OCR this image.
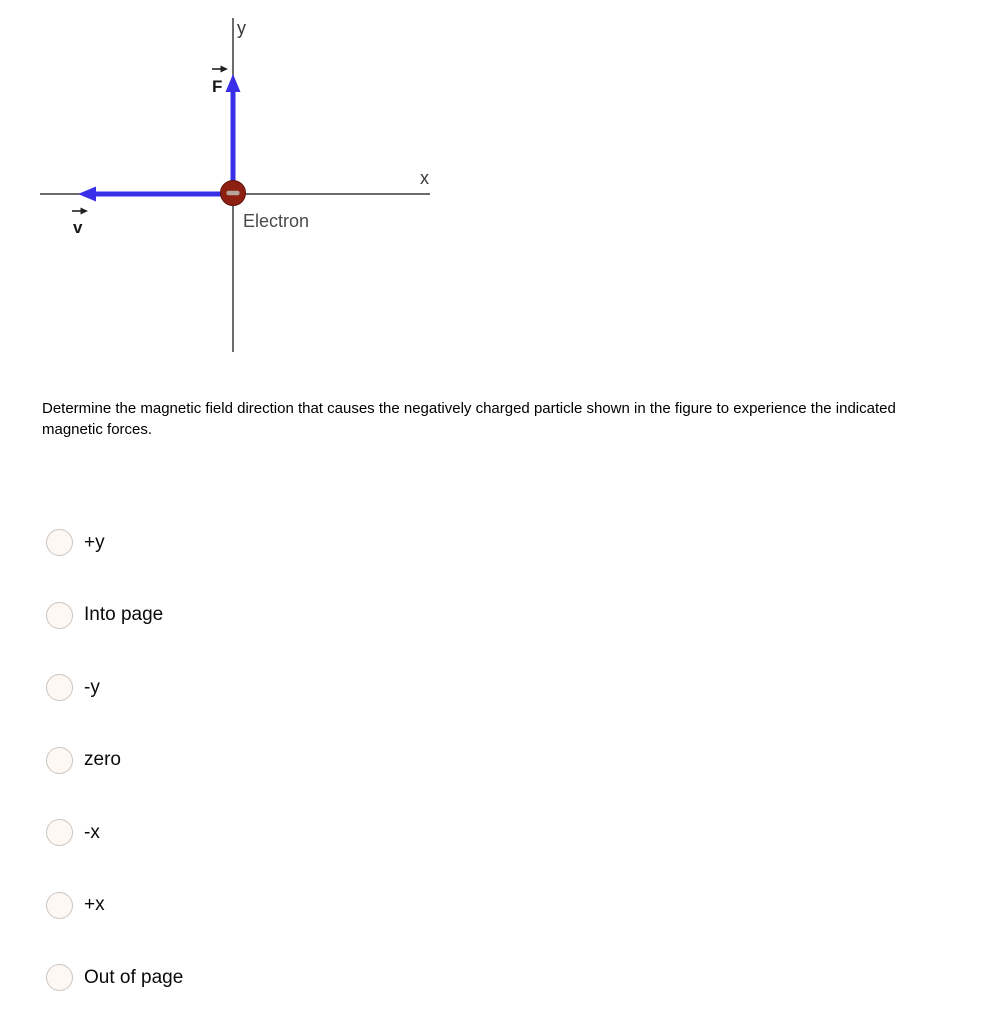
F
v
y
x
Electron

Determine the magnetic field direction that causes the negatively charged particle shown in the figure to experience the indicated magnetic forces.

+y
Into page
-y
zero
-x
+x
Out of page
